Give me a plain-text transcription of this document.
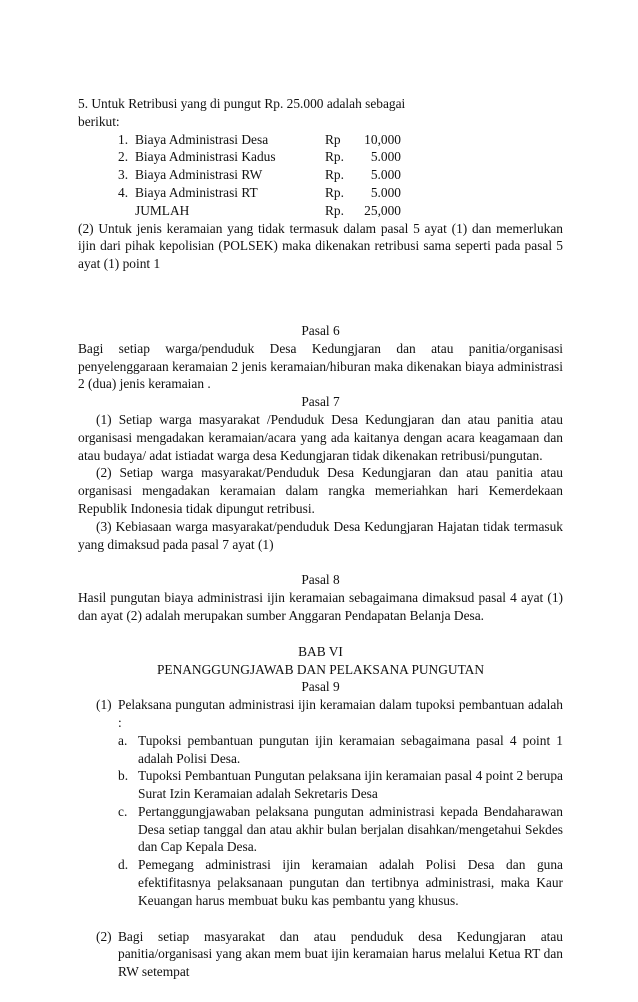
5. Untuk Retribusi yang di pungut Rp. 25.000 adalah sebagai

berikut:

1. Biaya Administrasi Desa	Rp	10,000
2. Biaya Administrasi Kadus	Rp.	5.000
3. Biaya Administrasi RW	Rp.	5.000
4. Biaya Administrasi RT	Rp.	5.000
JUMLAH	Rp.	25,000

(2) Untuk jenis keramaian yang tidak termasuk dalam pasal 5 ayat (1) dan memerlukan ijin dari pihak kepolisian (POLSEK) maka dikenakan retribusi sama seperti pada pasal 5 ayat (1) point 1

Pasal 6

Bagi setiap warga/penduduk Desa Kedungjaran dan atau panitia/organisasi penyelenggaraan keramaian 2 jenis keramaian/hiburan maka dikenakan biaya administrasi 2 (dua) jenis keramaian .

Pasal 7

(1) Setiap warga masyarakat /Penduduk Desa Kedungjaran dan atau panitia atau organisasi mengadakan keramaian/acara yang ada kaitanya dengan acara keagamaan dan atau budaya/ adat istiadat warga desa Kedungjaran tidak dikenakan retribusi/pungutan.

(2) Setiap warga masyarakat/Penduduk Desa Kedungjaran dan atau panitia atau organisasi mengadakan keramaian dalam rangka memeriahkan hari Kemerdekaan Republik Indonesia tidak dipungut retribusi.

(3) Kebiasaan warga masyarakat/penduduk Desa Kedungjaran Hajatan tidak termasuk yang dimaksud pada pasal 7 ayat (1)

Pasal 8

Hasil pungutan biaya administrasi ijin keramaian sebagaimana dimaksud pasal 4 ayat (1) dan ayat (2) adalah merupakan sumber Anggaran Pendapatan Belanja Desa.

BAB VI

PENANGGUNGJAWAB DAN PELAKSANA PUNGUTAN

Pasal 9

(1) Pelaksana pungutan administrasi ijin keramaian dalam tupoksi pembantuan adalah :
a. Tupoksi pembantuan pungutan ijin keramaian sebagaimana pasal 4 point 1 adalah Polisi Desa.
b. Tupoksi Pembantuan Pungutan pelaksana ijin keramaian pasal 4 point 2 berupa Surat Izin Keramaian adalah Sekretaris Desa
c. Pertanggungjawaban pelaksana pungutan administrasi kepada Bendaharawan Desa setiap tanggal dan atau akhir bulan berjalan disahkan/mengetahui Sekdes dan Cap Kepala Desa.
d. Pemegang administrasi ijin keramaian adalah Polisi Desa dan guna efektifitasnya pelaksanaan pungutan dan tertibnya administrasi, maka Kaur Keuangan harus membuat buku kas pembantu yang khusus.
(2) Bagi setiap masyarakat dan atau penduduk desa Kedungjaran atau panitia/organisasi yang akan mem buat ijin keramaian harus melalui Ketua RT dan RW setempat
